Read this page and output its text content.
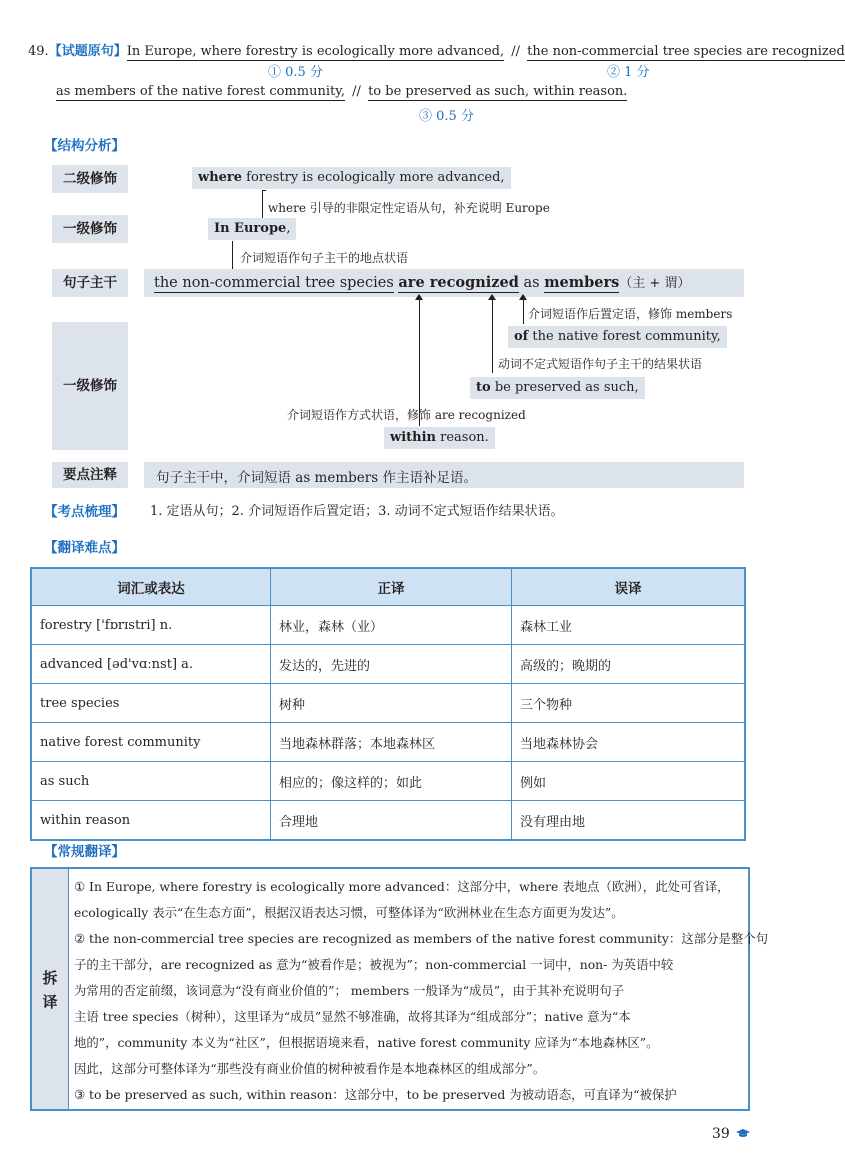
49.【试题原句】In Europe, where forestry is ecologically more advanced, // the non-commercial tree species are recognized
① 0.5 分	② 1 分
as members of the native forest community, // to be preserved as such, within reason.
③ 0.5 分
【结构分析】
二级修饰
一级修饰
句子主干
一级修饰
要点注释
where forestry is ecologically more advanced,
where 引导的非限定性定语从句，补充说明 Europe
In Europe,
介词短语作句子主干的地点状语
the non-commercial tree species are recognized as members（主 + 谓）
介词短语作后置定语，修饰 members
of the native forest community,
动词不定式短语作句子主干的结果状语
to be preserved as such,
介词短语作方式状语，修饰 are recognized
within reason.
句子主干中，介词短语 as members 作主语补足语。
【考点梳理】 1. 定语从句；2. 介词短语作后置定语；3. 动词不定式短语作结果状语。
【翻译难点】
词汇或表达	正译	误译
forestry ['fɒrɪstri] n.	林业，森林（业）	森林工业
advanced [əd'vɑːnst] a.	发达的，先进的	高级的；晚期的
tree species	树种	三个物种
native forest community	当地森林群落；本地森林区	当地森林协会
as such	相应的；像这样的；如此	例如
within reason	合理地	没有理由地
【常规翻译】
拆
译
① In Europe, where forestry is ecologically more advanced：这部分中，where 表地点（欧洲），此处可省译，
ecologically 表示“在生态方面”，根据汉语表达习惯，可整体译为“欧洲林业在生态方面更为发达”。
② the non-commercial tree species are recognized as members of the native forest community：这部分是整个句
子的主干部分，are recognized as 意为“被看作是；被视为”；non-commercial 一词中，non- 为英语中较
为常用的否定前缀，该词意为“没有商业价值的”； members 一般译为“成员”，由于其补充说明句子
主语 tree species（树种），这里译为“成员”显然不够准确，故将其译为“组成部分”；native 意为“本
地的”，community 本义为“社区”，但根据语境来看，native forest community 应译为“本地森林区”。
因此，这部分可整体译为“那些没有商业价值的树种被看作是本地森林区的组成部分”。
③ to be preserved as such, within reason：这部分中，to be preserved 为被动语态，可直译为“被保护
39
